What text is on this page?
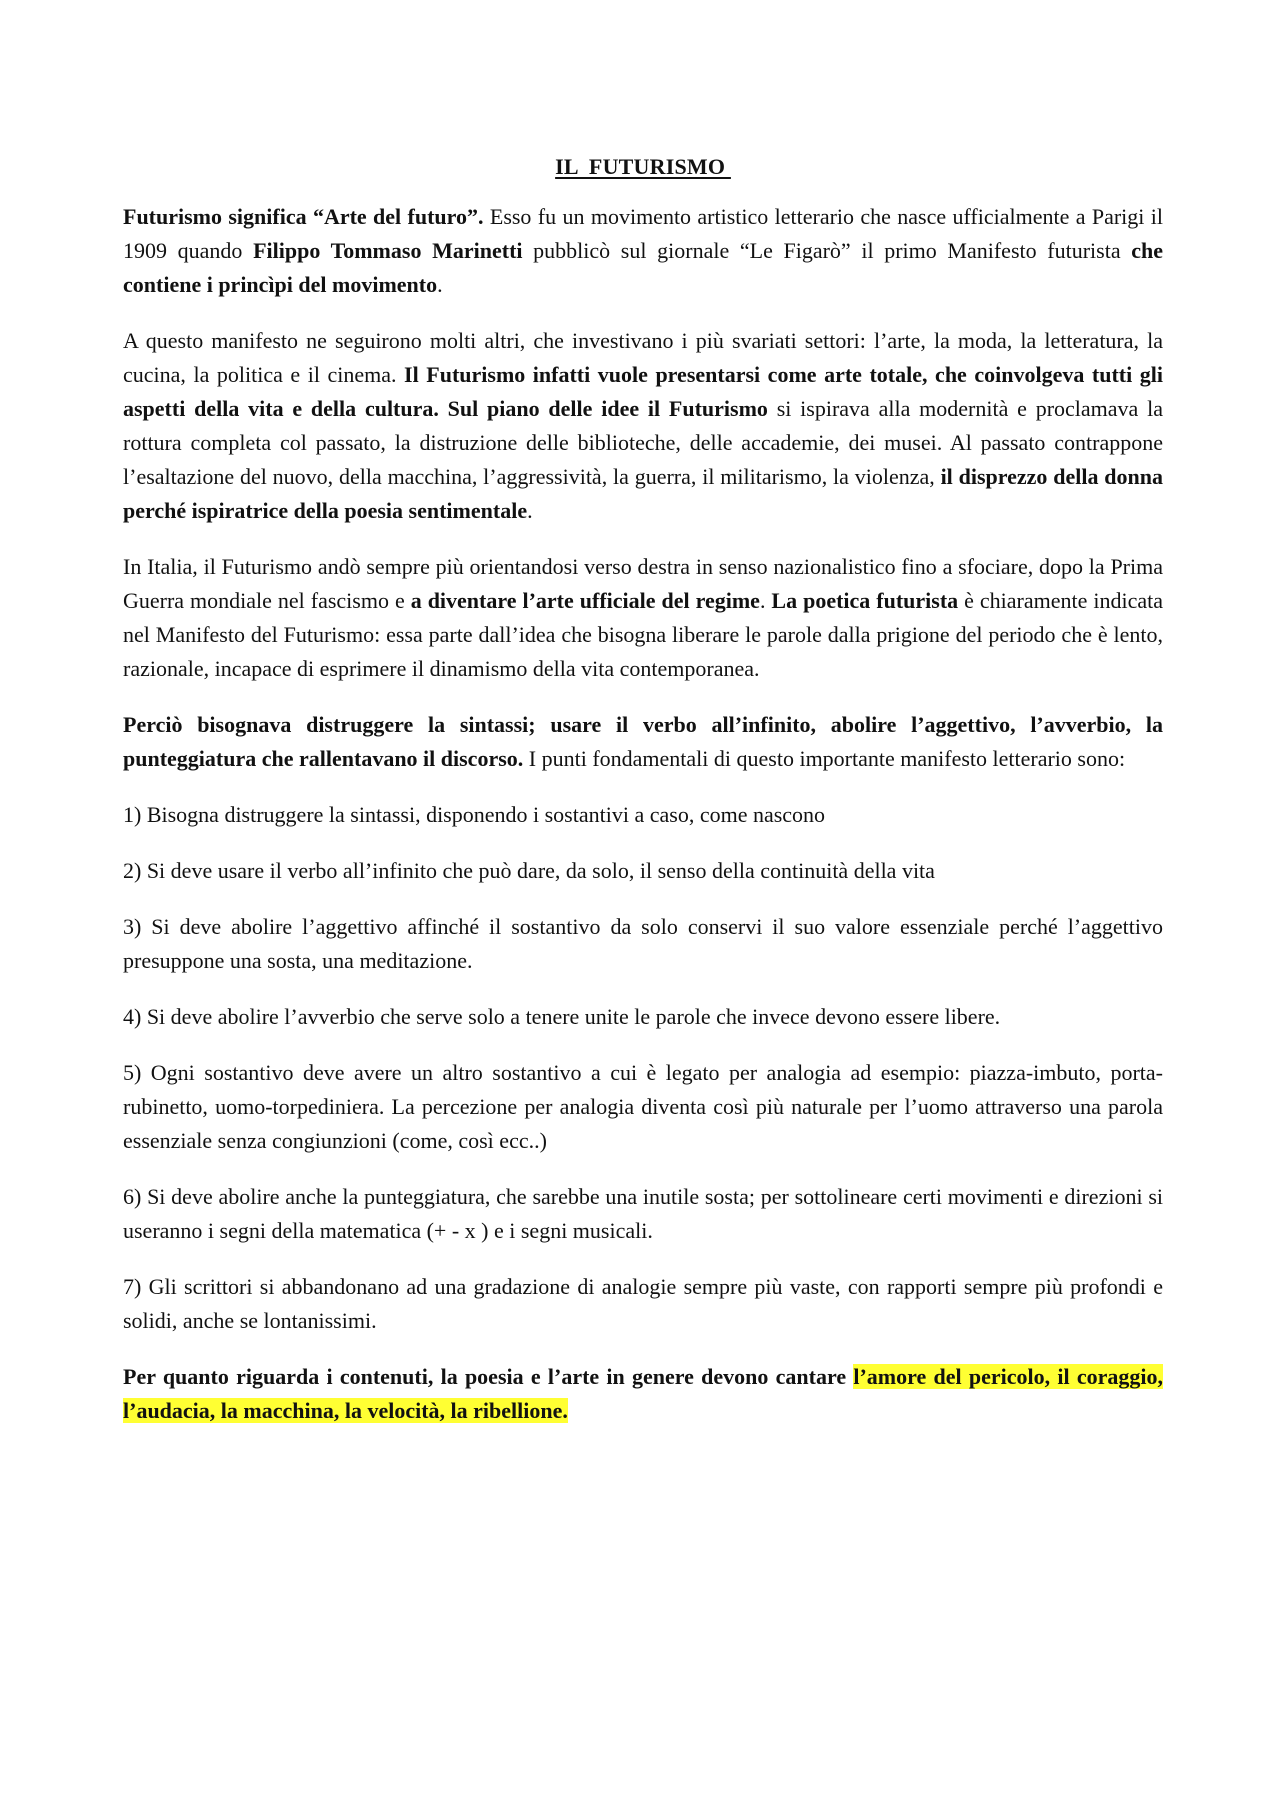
IL  FUTURISMO

Futurismo significa “Arte del futuro”. Esso fu un movimento artistico letterario che nasce ufficialmente a Parigi il 1909 quando Filippo Tommaso Marinetti pubblicò sul giornale “Le Figarò” il primo Manifesto futurista che contiene i princìpi del movimento.

A questo manifesto ne seguirono molti altri, che investivano i più svariati settori: l’arte, la moda, la letteratura, la cucina, la politica e il cinema. Il Futurismo infatti vuole presentarsi come arte totale, che coinvolgeva tutti gli aspetti della vita e della cultura. Sul piano delle idee il Futurismo si ispirava alla modernità e proclamava la rottura completa col passato, la distruzione delle biblioteche, delle accademie, dei musei. Al passato contrappone l’esaltazione del nuovo, della macchina, l’aggressività, la guerra, il militarismo, la violenza, il disprezzo della donna perché ispiratrice della poesia sentimentale.

In Italia, il Futurismo andò sempre più orientandosi verso destra in senso nazionalistico fino a sfociare, dopo la Prima Guerra mondiale nel fascismo e a diventare l’arte ufficiale del regime. La poetica futurista è chiaramente indicata nel Manifesto del Futurismo: essa parte dall’idea che bisogna liberare le parole dalla prigione del periodo che è lento, razionale, incapace di esprimere il dinamismo della vita contemporanea.

Perciò bisognava distruggere la sintassi; usare il verbo all’infinito, abolire l’aggettivo, l’avverbio, la punteggiatura che rallentavano il discorso. I punti fondamentali di questo importante manifesto letterario sono:

1) Bisogna distruggere la sintassi, disponendo i sostantivi a caso, come nascono

2) Si deve usare il verbo all’infinito che può dare, da solo, il senso della continuità della vita

3) Si deve abolire l’aggettivo affinché il sostantivo da solo conservi il suo valore essenziale perché l’aggettivo presuppone una sosta, una meditazione.

4) Si deve abolire l’avverbio che serve solo a tenere unite le parole che invece devono essere libere.

5) Ogni sostantivo deve avere un altro sostantivo a cui è legato per analogia ad esempio: piazza-imbuto, porta-rubinetto, uomo-torpediniera. La percezione per analogia diventa così più naturale per l’uomo attraverso una parola essenziale senza congiunzioni (come, così ecc..)

6) Si deve abolire anche la punteggiatura, che sarebbe una inutile sosta; per sottolineare certi movimenti e direzioni si useranno i segni della matematica (+ - x ) e i segni musicali.

7) Gli scrittori si abbandonano ad una gradazione di analogie sempre più vaste, con rapporti sempre più profondi e solidi, anche se lontanissimi.

Per quanto riguarda i contenuti, la poesia e l’arte in genere devono cantare l’amore del pericolo, il coraggio, l’audacia, la macchina, la velocità, la ribellione.
